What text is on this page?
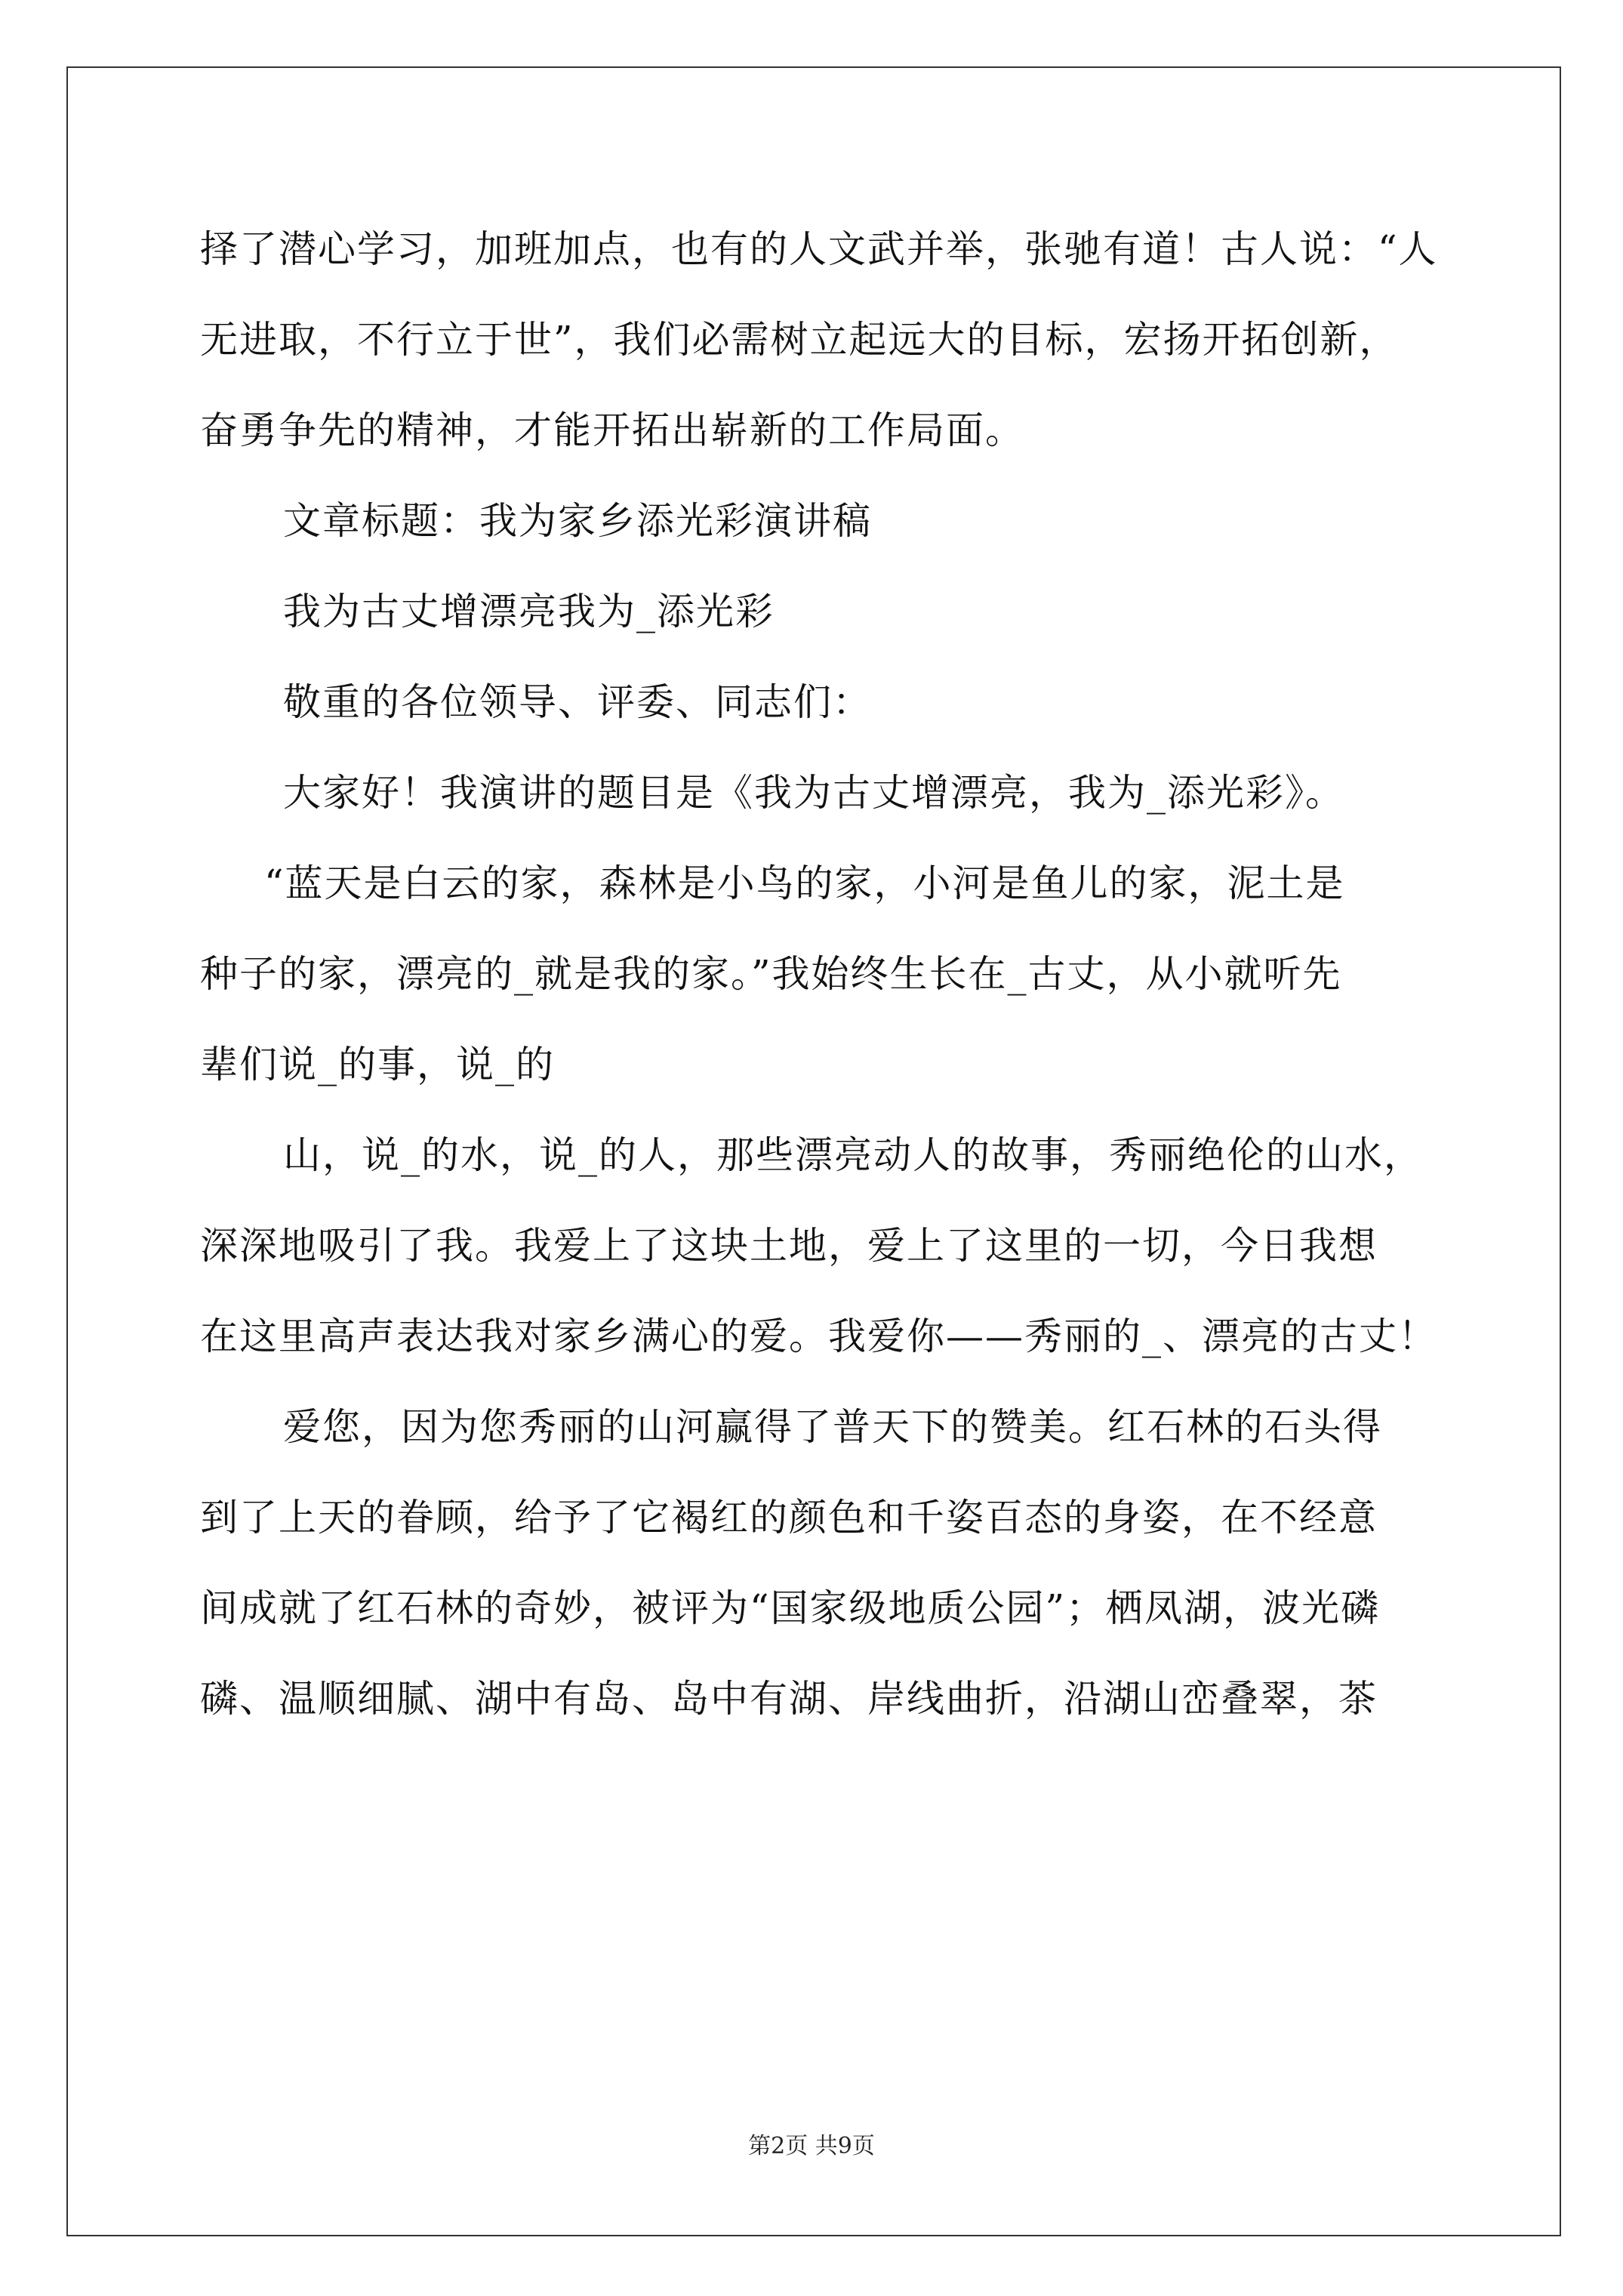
择了潜心学习，加班加点，也有的人文武并举，张驰有道！古人说：“人
无进取，不行立于世”，我们必需树立起远大的目标，宏扬开拓创新，
奋勇争先的精神，才能开拓出崭新的工作局面。
文章标题：我为家乡添光彩演讲稿
我为古丈增漂亮我为_添光彩
敬重的各位领导、评委、同志们：
大家好！我演讲的题目是《我为古丈增漂亮，我为_添光彩》。
“蓝天是白云的家，森林是小鸟的家，小河是鱼儿的家，泥土是
种子的家，漂亮的_就是我的家。”我始终生长在_古丈，从小就听先
辈们说_的事，说_的
山，说_的水，说_的人，那些漂亮动人的故事，秀丽绝伦的山水，
深深地吸引了我。我爱上了这块土地，爱上了这里的一切，今日我想
在这里高声表达我对家乡满心的爱。我爱你——秀丽的_、漂亮的古丈！
爱您，因为您秀丽的山河赢得了普天下的赞美。红石林的石头得
到了上天的眷顾，给予了它褐红的颜色和千姿百态的身姿，在不经意
间成就了红石林的奇妙，被评为“国家级地质公园”；栖凤湖，波光磷
磷、温顺细腻、湖中有岛、岛中有湖、岸线曲折，沿湖山峦叠翠，茶
第2页 共9页
